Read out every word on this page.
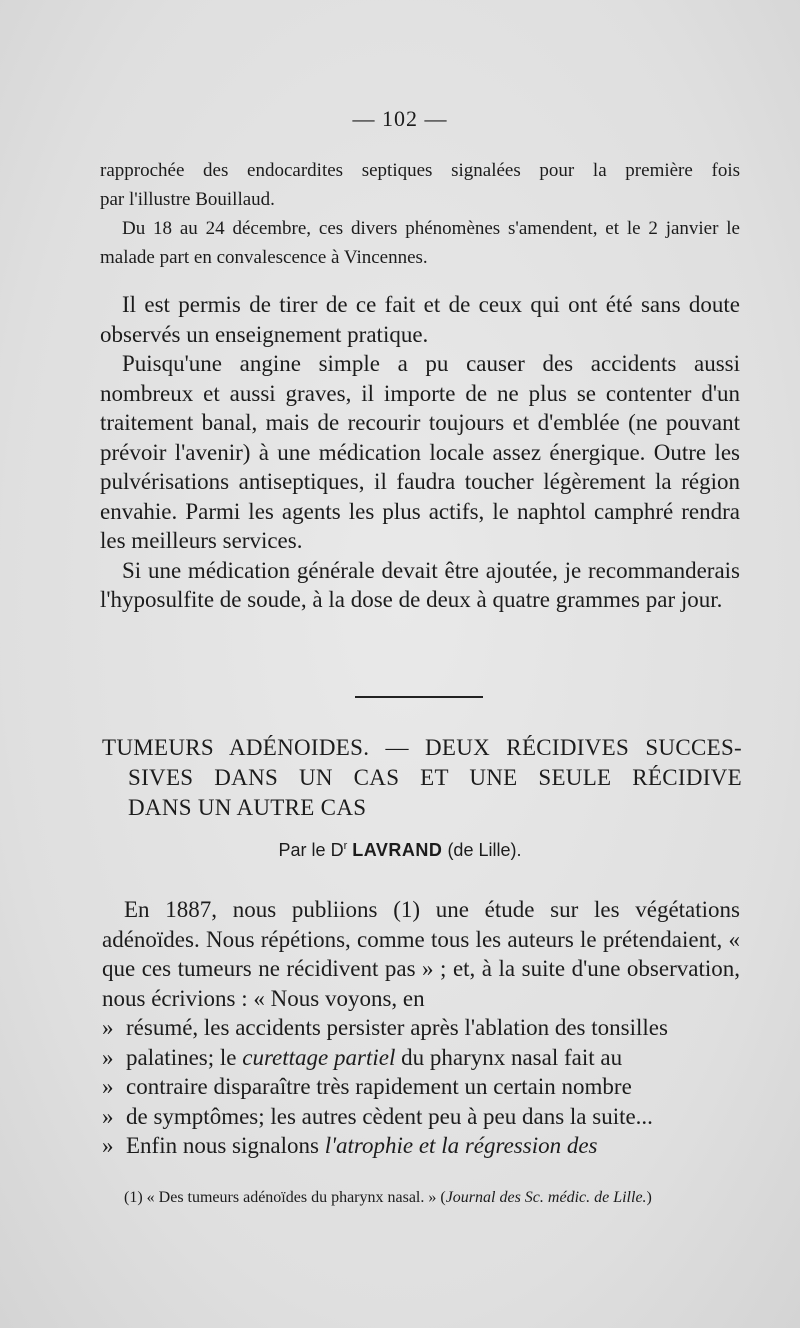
— 102 —

rapprochée des endocardites septiques signalées pour la première fois

par l'illustre Bouillaud.

Du 18 au 24 décembre, ces divers phénomènes s'amendent, et le 2 janvier le malade part en convalescence à Vincennes.

Il est permis de tirer de ce fait et de ceux qui ont été sans doute observés un enseignement pratique.

Puisqu'une angine simple a pu causer des accidents aussi nombreux et aussi graves, il importe de ne plus se contenter d'un traitement banal, mais de recourir toujours et d'emblée (ne pouvant prévoir l'avenir) à une médication locale assez énergique. Outre les pulvérisations antiseptiques, il faudra toucher légèrement la région envahie. Parmi les agents les plus actifs, le naphtol camphré rendra les meilleurs services.

Si une médication générale devait être ajoutée, je recommanderais l'hyposulfite de soude, à la dose de deux à quatre grammes par jour.

TUMEURS ADÉNOIDES. — DEUX RÉCIDIVES SUCCES-
SIVES DANS UN CAS ET UNE SEULE RÉCIDIVE
DANS UN AUTRE CAS
Par le $D^r$ LAVRAND (de Lille).

En 1887, nous publiions (1) une étude sur les végétations adénoïdes. Nous répétions, comme tous les auteurs le prétendaient, « que ces tumeurs ne récidivent pas » ; et, à la suite d'une observation, nous écrivions : « Nous voyons, en

» résumé, les accidents persister après l'ablation des tonsilles

» palatines; le curettage partiel du pharynx nasal fait au

» contraire disparaître très rapidement un certain nombre

» de symptômes; les autres cèdent peu à peu dans la suite...

» Enfin nous signalons l'atrophie et la régression des

(1) « Des tumeurs adénoïdes du pharynx nasal. » (Journal des Sc. médic. de Lille.)
